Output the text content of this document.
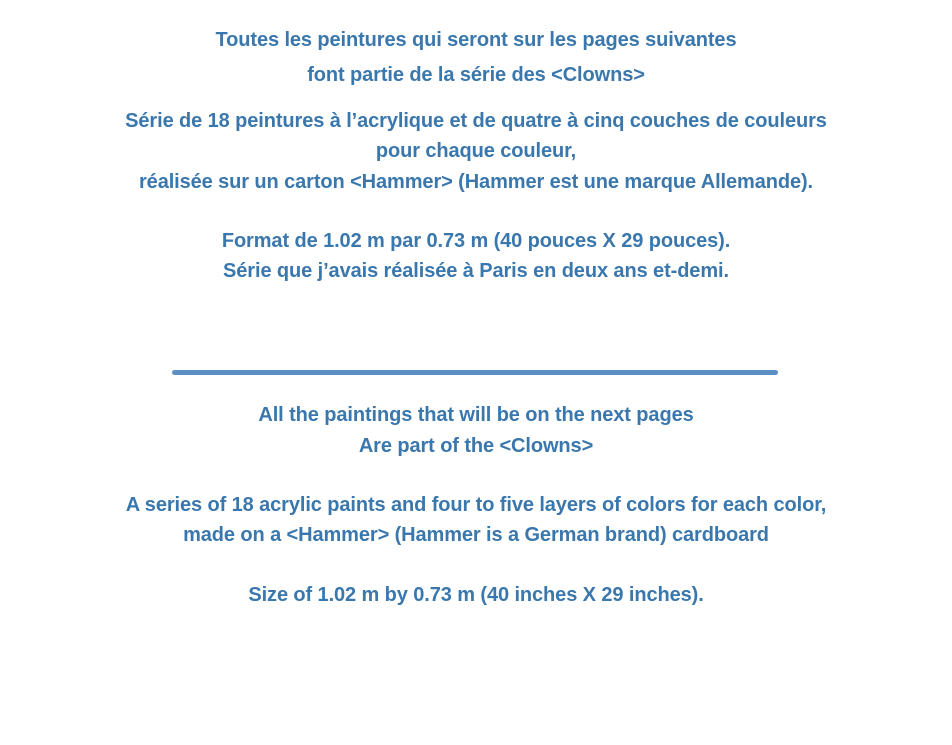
Toutes les peintures qui seront sur les pages suivantes
font partie de la série des <Clowns>
Série de 18 peintures à l’acrylique et de quatre à cinq couches de couleurs
pour chaque couleur,
réalisée sur un carton <Hammer> (Hammer est une marque Allemande).
Format de 1.02 m par 0.73 m (40 pouces X 29 pouces).
Série que j’avais réalisée à Paris en deux ans et-demi.
All the paintings that will be on the next pages
Are part of the <Clowns>
A series of 18 acrylic paints and four to five layers of colors for each color,
made on a <Hammer> (Hammer is a German brand) cardboard
Size of 1.02 m by 0.73 m (40 inches X 29 inches).
